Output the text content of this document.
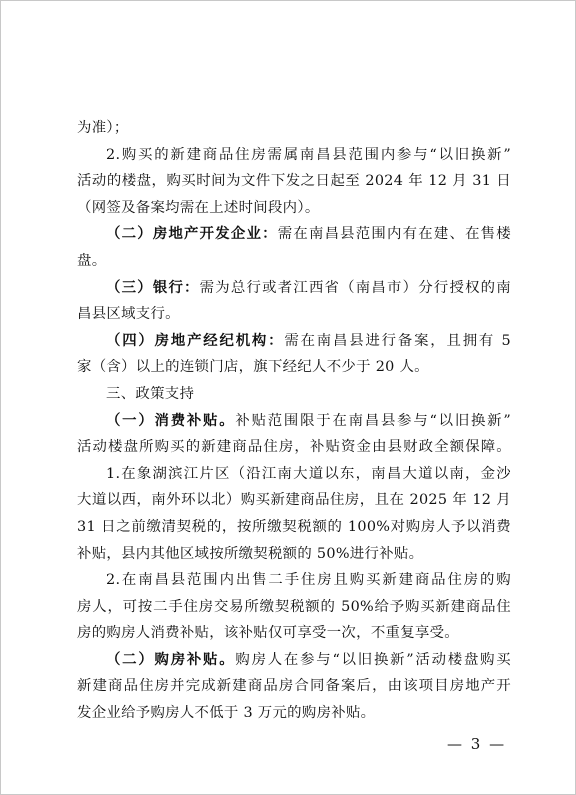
为准）；
2.购买的新建商品住房需属南昌县范围内参与“以旧换新”
活动的楼盘，购买时间为文件下发之日起至 2024 年 12 月 31 日
（网签及备案均需在上述时间段内）。
（二）房地产开发企业：需在南昌县范围内有在建、在售楼
盘。
（三）银行：需为总行或者江西省（南昌市）分行授权的南
昌县区域支行。
（四）房地产经纪机构：需在南昌县进行备案，且拥有 5
家（含）以上的连锁门店，旗下经纪人不少于 20 人。
三、政策支持
（一）消费补贴。补贴范围限于在南昌县参与“以旧换新”
活动楼盘所购买的新建商品住房，补贴资金由县财政全额保障。
1.在象湖滨江片区（沿江南大道以东，南昌大道以南，金沙
大道以西，南外环以北）购买新建商品住房，且在 2025 年 12 月
31 日之前缴清契税的，按所缴契税额的 100%对购房人予以消费
补贴，县内其他区域按所缴契税额的 50%进行补贴。
2.在南昌县范围内出售二手住房且购买新建商品住房的购
房人，可按二手住房交易所缴契税额的 50%给予购买新建商品住
房的购房人消费补贴，该补贴仅可享受一次，不重复享受。
（二）购房补贴。购房人在参与“以旧换新”活动楼盘购买
新建商品住房并完成新建商品房合同备案后，由该项目房地产开
发企业给予购房人不低于 3 万元的购房补贴。
— 3 —
